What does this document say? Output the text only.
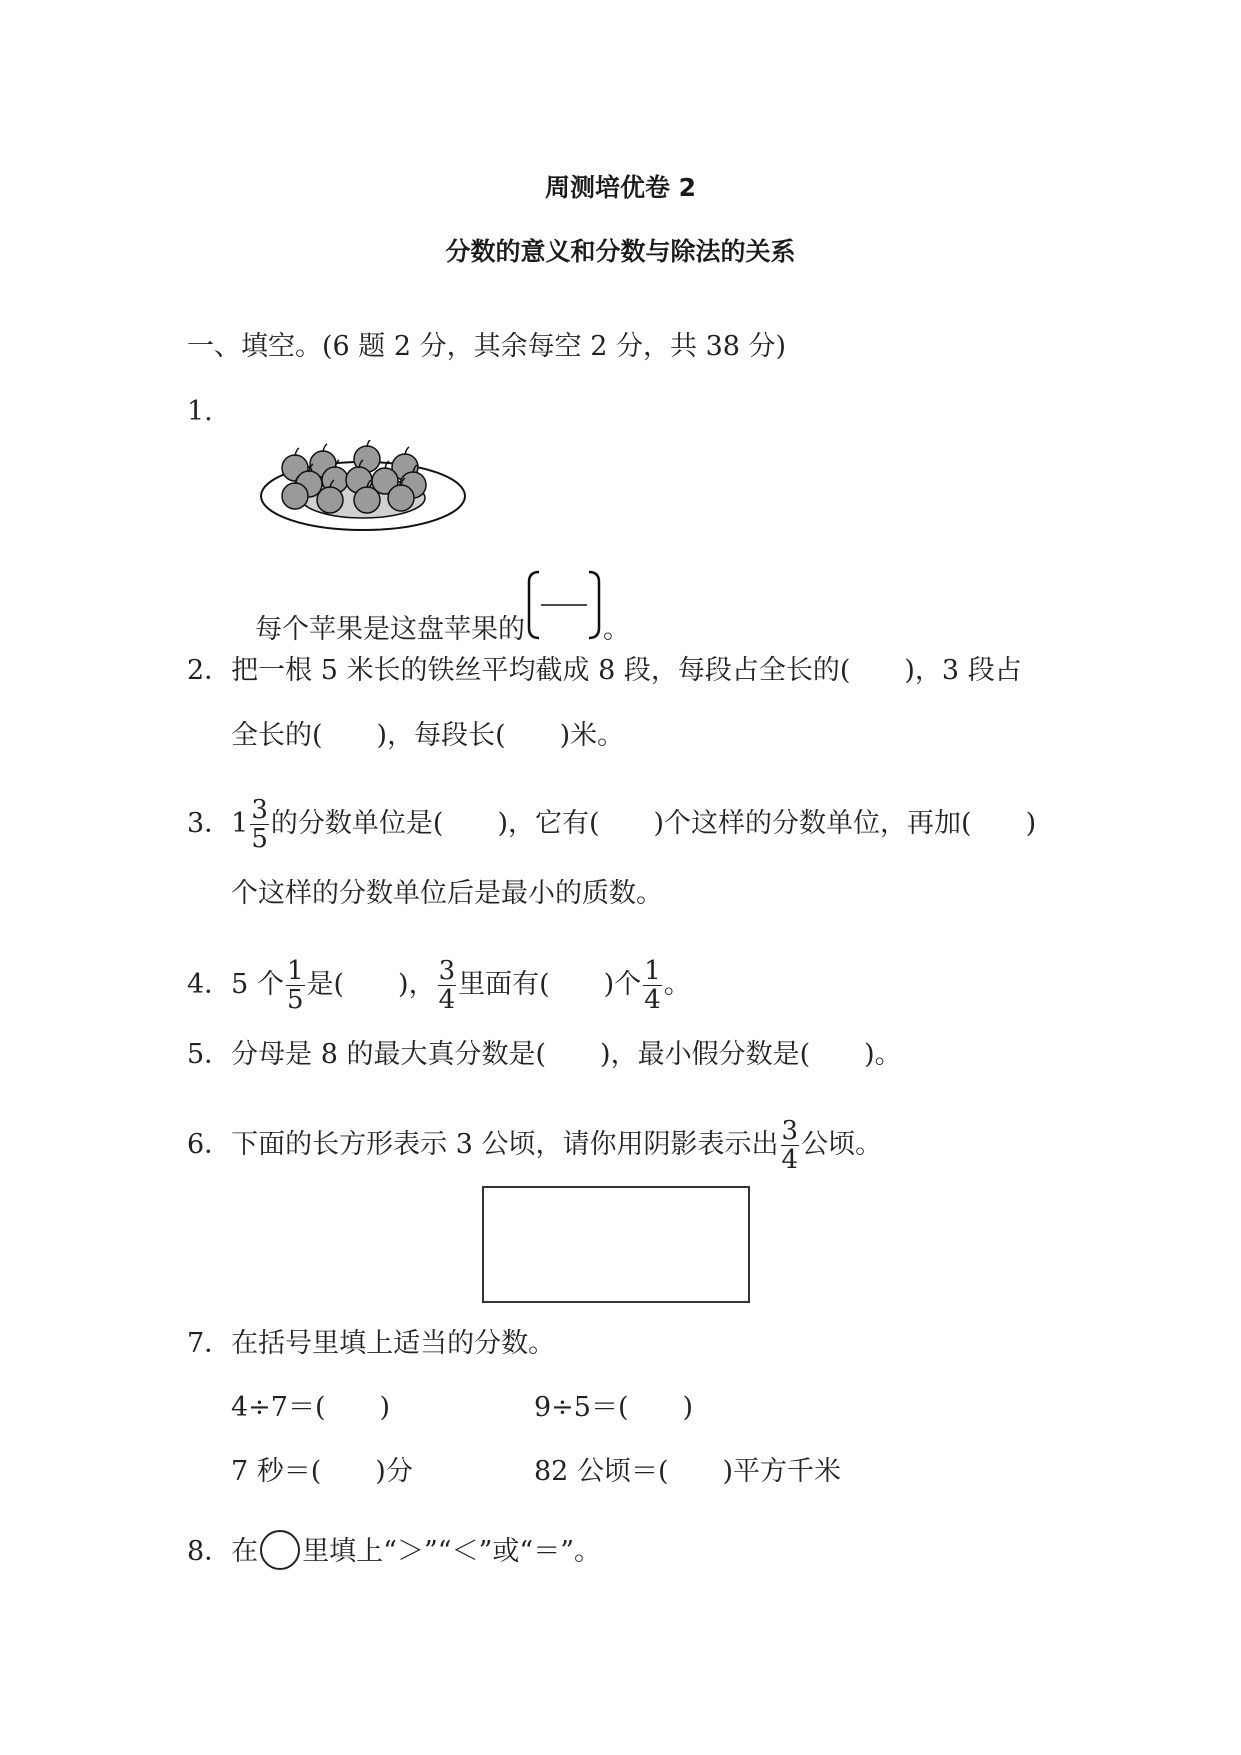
周测培优卷 2
分数的意义和分数与除法的关系
一、填空。(6 题 2 分，其余每空 2 分，共 38 分)
1.
每个苹果是这盘苹果的	。
2．把一根 5 米长的铁丝平均截成 8 段，每段占全长的(　　)，3 段占
全长的(　　)，每段长(　　)米。
3．$1 \frac{3}{5}$ 的分数单位是(　　)，它有(　　)个这样的分数单位，再加(　　)
个这样的分数单位后是最小的质数。
4．5 个 $\frac{1}{5}$ 是(　　)， $\frac{3}{4}$ 里面有(　　)个 $\frac{1}{4}$ 。
5．分母是 8 的最大真分数是(　　)，最小假分数是(　　)。
6．下面的长方形表示 3 公顷，请你用阴影表示出 $\frac{3}{4}$ 公顷。
7．在括号里填上适当的分数。
4÷7＝(　　)	9÷5＝(　　)
7 秒＝(　　)分	82 公顷＝(　　)平方千米
8．在 里填上“＞”“＜”或“＝”。
